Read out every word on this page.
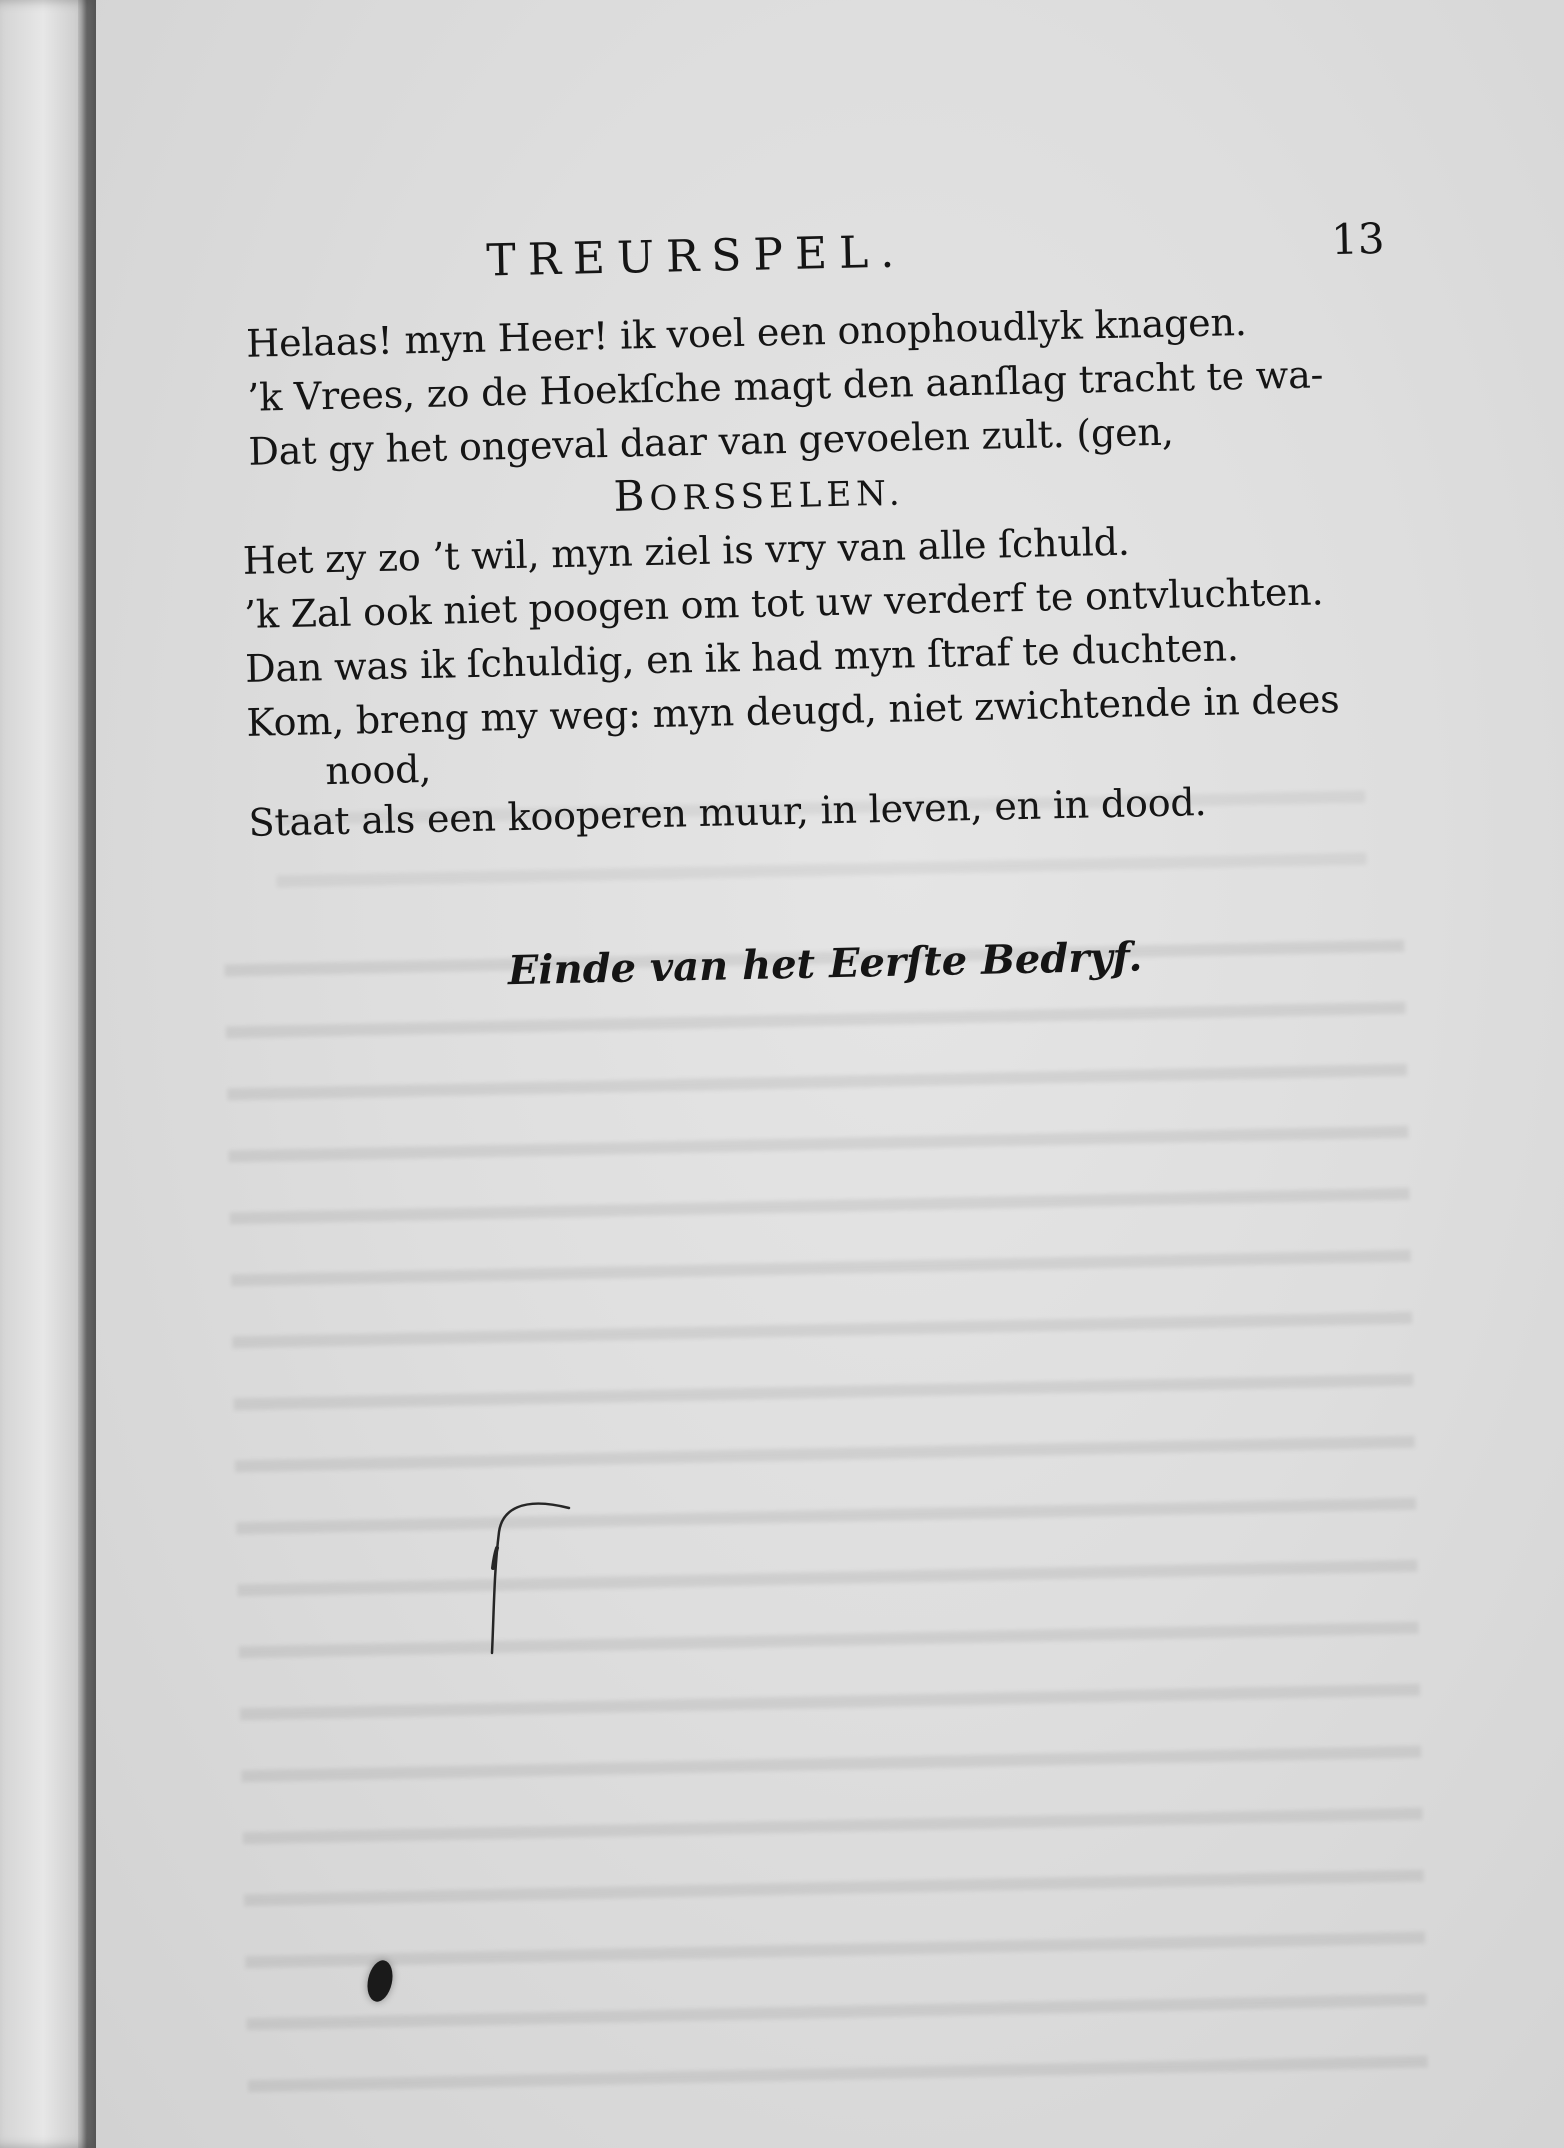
TREURSPEL.	13
Helaas! myn Heer! ik voel een onophoudlyk knagen.
’k Vrees, zo de Hoekſche magt den aanſlag tracht te wa-
Dat gy het ongeval daar van gevoelen zult. (gen,
BORSSELEN.
Het zy zo ’t wil, myn ziel is vry van alle ſchuld.
’k Zal ook niet poogen om tot uw verderf te ontvluchten.
Dan was ik ſchuldig, en ik had myn ſtraf te duchten.
Kom, breng my weg: myn deugd, niet zwichtende in dees
nood,
Staat als een kooperen muur, in leven, en in dood.
Einde van het Eerſte Bedryf.
